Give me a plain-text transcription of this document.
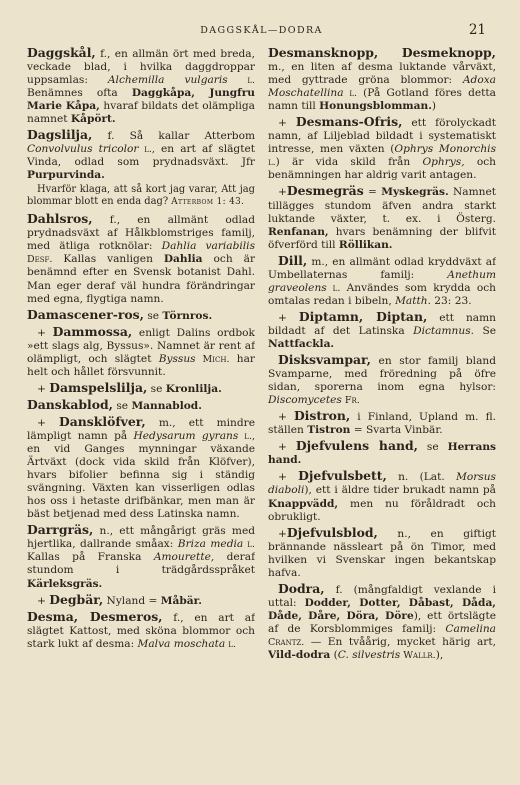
DAGGSKÅL—DODRA	21

Daggskål, f., en allmän ört med breda, veckade blad, i hvilka daggdroppar uppsamlas: Alchemilla vulgaris l. Benämnes ofta Daggkåpa, Jungfru Marie Kåpa, hvaraf bildats det olämpliga namnet Kåpört.

Dagslilja, f. Så kallar Atterbom Convolvulus tricolor l., en art af slägtet Vinda, odlad som prydnadsväxt. Jfr Purpurvinda.

Hvarför klaga, att så kort jag varar, Att jag blommar blott en enda dag? Atterbom 1: 43.

Dahlsros, f., en allmänt odlad prydnadsväxt af Hålkblomstriges familj, med ätliga rotknölar: Dahlia variabilis Desf. Kallas vanligen Dahlia och är benämnd efter en Svensk botanist Dahl. Man eger deraf väl hundra förändringar med egna, flygtiga namn.

Damascener-ros, se Törnros.

+ Dammossa, enligt Dalins ordbok »ett slags alg, Byssus». Namnet är rent af olämpligt, och slägtet Byssus Mich. har helt och hållet försvunnit.

+ Damspelslilja, se Kronlilja.

Danskablod, se Mannablod.

+ Dansklöfver, m., ett mindre lämpligt namn på Hedysarum gyrans l., en vid Ganges mynningar växande Ärtväxt (dock vida skild från Klöfver), hvars bifolier befinna sig i ständig svängning. Växten kan visserligen odlas hos oss i hetaste drifbänkar, men man är bäst betjenad med dess Latinska namn.

Darrgräs, n., ett mångårigt gräs med hjertlika, dallrande småax: Briza media l. Kallas på Franska Amourette, deraf stundom i trädgårdsspråket Kärleksgräs.

+ Degbär, Nyland = Måbär.

Desma, Desmeros, f., en art af slägtet Kattost, med sköna blommor och stark lukt af desma: Malva moschata l.

Desmansknopp, Desmeknopp, m., en liten af desma luktande vårväxt, med gyttrade gröna blommor: Adoxa Moschatellina l. (På Gotland föres detta namn till Honungsblomman.)

+ Desmans-Ofris, ett förolyckadt namn, af Liljeblad bildadt i systematiskt intresse, men växten (Ophrys Monorchis l.) är vida skild från Ophrys, och benämningen har aldrig varit antagen.

+Desmegräs = Myskegräs. Namnet tillägges stundom äfven andra starkt luktande växter, t. ex. i Österg. Renfanan, hvars benämning der blifvit öfverförd till Röllikan.

Dill, m., en allmänt odlad kryddväxt af Umbellaternas familj: Anethum graveolens l. Användes som krydda och omtalas redan i bibeln, Matth. 23: 23.

+ Diptamn, Diptan, ett namn bildadt af det Latinska Dictamnus. Se Nattfackla.

Disksvampar, en stor familj bland Svamparne, med fröredning på öfre sidan, sporerna inom egna hylsor: Discomycetes Fr.

+ Distron, i Finland, Upland m. fl. ställen Tistron = Svarta Vinbär.

+ Djefvulens hand, se Herrans hand.

+ Djefvulsbett, n. (Lat. Morsus diaboli), ett i äldre tider brukadt namn på Knappvädd, men nu föråldradt och obrukligt.

+Djefvulsblod, n., en giftigt brännande nässleart på ön Timor, med hvilken vi Svenskar ingen bekantskap hafva.

Dodra, f. (mångfaldigt vexlande i uttal: Dodder, Dotter, Dåbast, Dåda, Dåde, Dåre, Döra, Döre), ett örtslägte af de Korsblommiges familj: Camelina Crantz. — En tvåårig, mycket härig art, Vild-dodra (C. silvestris Wallr.),
